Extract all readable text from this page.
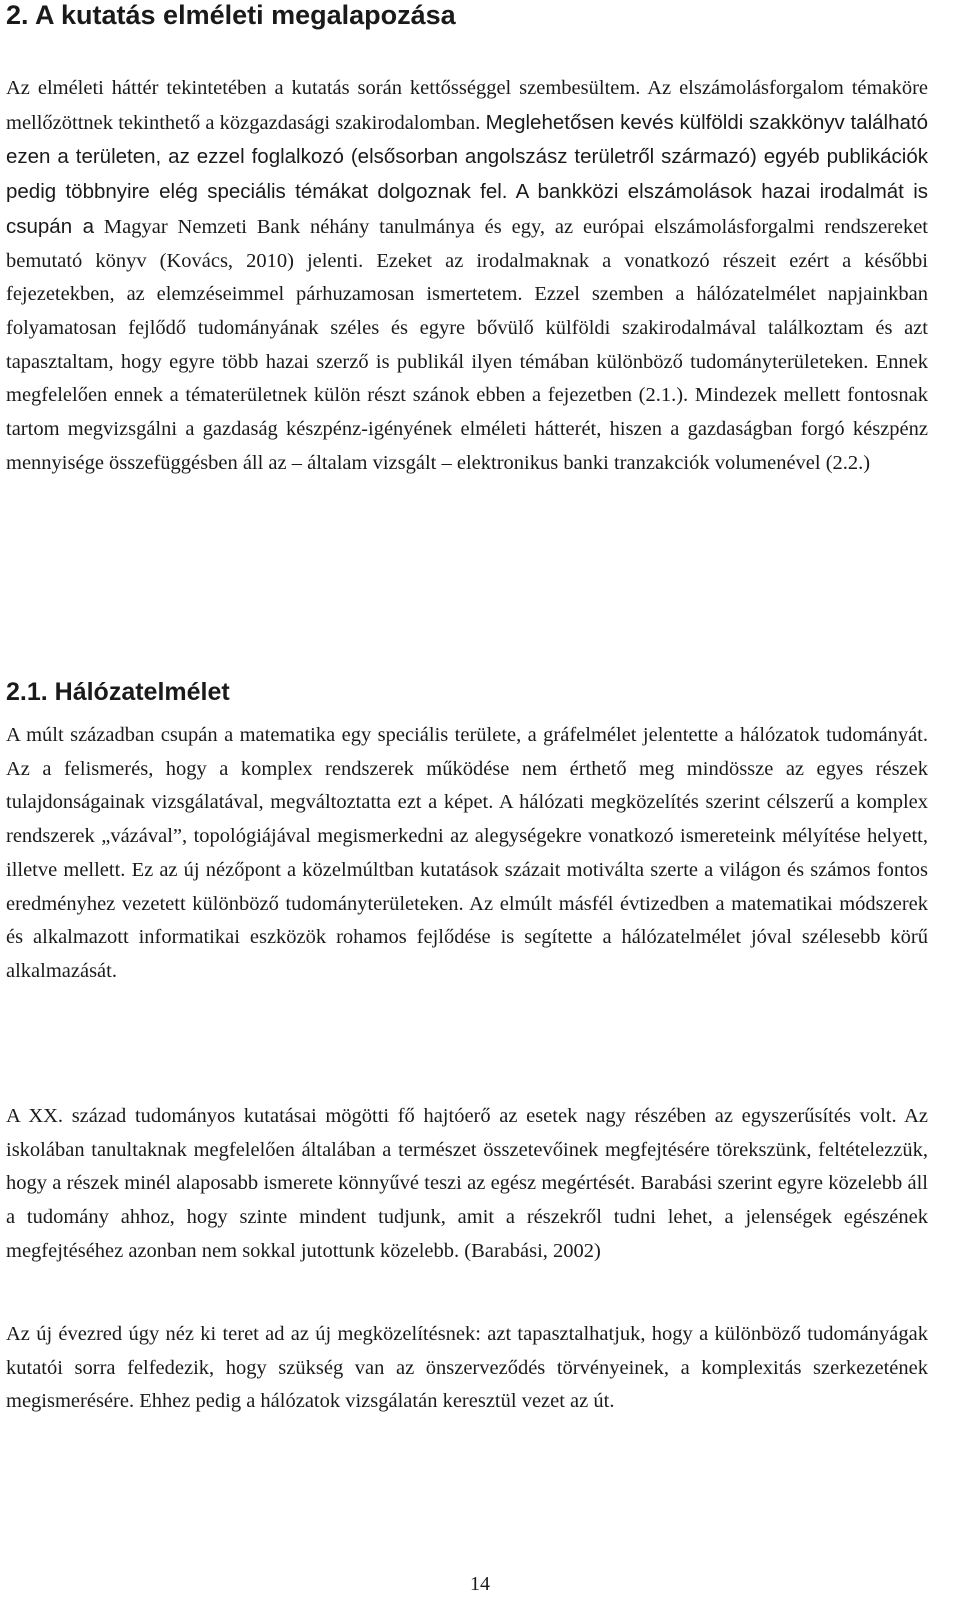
2. A kutatás elméleti megalapozása

Az elméleti háttér tekintetében a kutatás során kettősséggel szembesültem. Az elszámolásforgalom témaköre mellőzöttnek tekinthető a közgazdasági szakirodalomban. Meglehetősen kevés külföldi szakkönyv található ezen a területen, az ezzel foglalkozó (elsősorban angolszász területről származó) egyéb publikációk pedig többnyire elég speciális témákat dolgoznak fel. A bankközi elszámolások hazai irodalmát is csupán a Magyar Nemzeti Bank néhány tanulmánya és egy, az európai elszámolásforgalmi rendszereket bemutató könyv (Kovács, 2010) jelenti. Ezeket az irodalmaknak a vonatkozó részeit ezért a későbbi fejezetekben, az elemzéseimmel párhuzamosan ismertetem. Ezzel szemben a hálózatelmélet napjainkban folyamatosan fejlődő tudományának széles és egyre bővülő külföldi szakirodalmával találkoztam és azt tapasztaltam, hogy egyre több hazai szerző is publikál ilyen témában különböző tudományterületeken. Ennek megfelelően ennek a tématerületnek külön részt szánok ebben a fejezetben (2.1.). Mindezek mellett fontosnak tartom megvizsgálni a gazdaság készpénz-igényének elméleti hátterét, hiszen a gazdaságban forgó készpénz mennyisége összefüggésben áll az – általam vizsgált – elektronikus banki tranzakciók volumenével (2.2.)

2.1. Hálózatelmélet

A múlt században csupán a matematika egy speciális területe, a gráfelmélet jelentette a hálózatok tudományát. Az a felismerés, hogy a komplex rendszerek működése nem érthető meg mindössze az egyes részek tulajdonságainak vizsgálatával, megváltoztatta ezt a képet. A hálózati megközelítés szerint célszerű a komplex rendszerek „vázával”, topológiájával megismerkedni az alegységekre vonatkozó ismereteink mélyítése helyett, illetve mellett. Ez az új nézőpont a közelmúltban kutatások százait motiválta szerte a világon és számos fontos eredményhez vezetett különböző tudományterületeken. Az elmúlt másfél évtizedben a matematikai módszerek és alkalmazott informatikai eszközök rohamos fejlődése is segítette a hálózatelmélet jóval szélesebb körű alkalmazását.

A XX. század tudományos kutatásai mögötti fő hajtóerő az esetek nagy részében az egyszerűsítés volt. Az iskolában tanultaknak megfelelően általában a természet összetevőinek megfejtésére törekszünk, feltételezzük, hogy a részek minél alaposabb ismerete könnyűvé teszi az egész megértését. Barabási szerint egyre közelebb áll a tudomány ahhoz, hogy szinte mindent tudjunk, amit a részekről tudni lehet, a jelenségek egészének megfejtéséhez azonban nem sokkal jutottunk közelebb. (Barabási, 2002)

Az új évezred úgy néz ki teret ad az új megközelítésnek: azt tapasztalhatjuk, hogy a különböző tudományágak kutatói sorra felfedezik, hogy szükség van az önszerveződés törvényeinek, a komplexitás szerkezetének megismerésére. Ehhez pedig a hálózatok vizsgálatán keresztül vezet az út.

14
